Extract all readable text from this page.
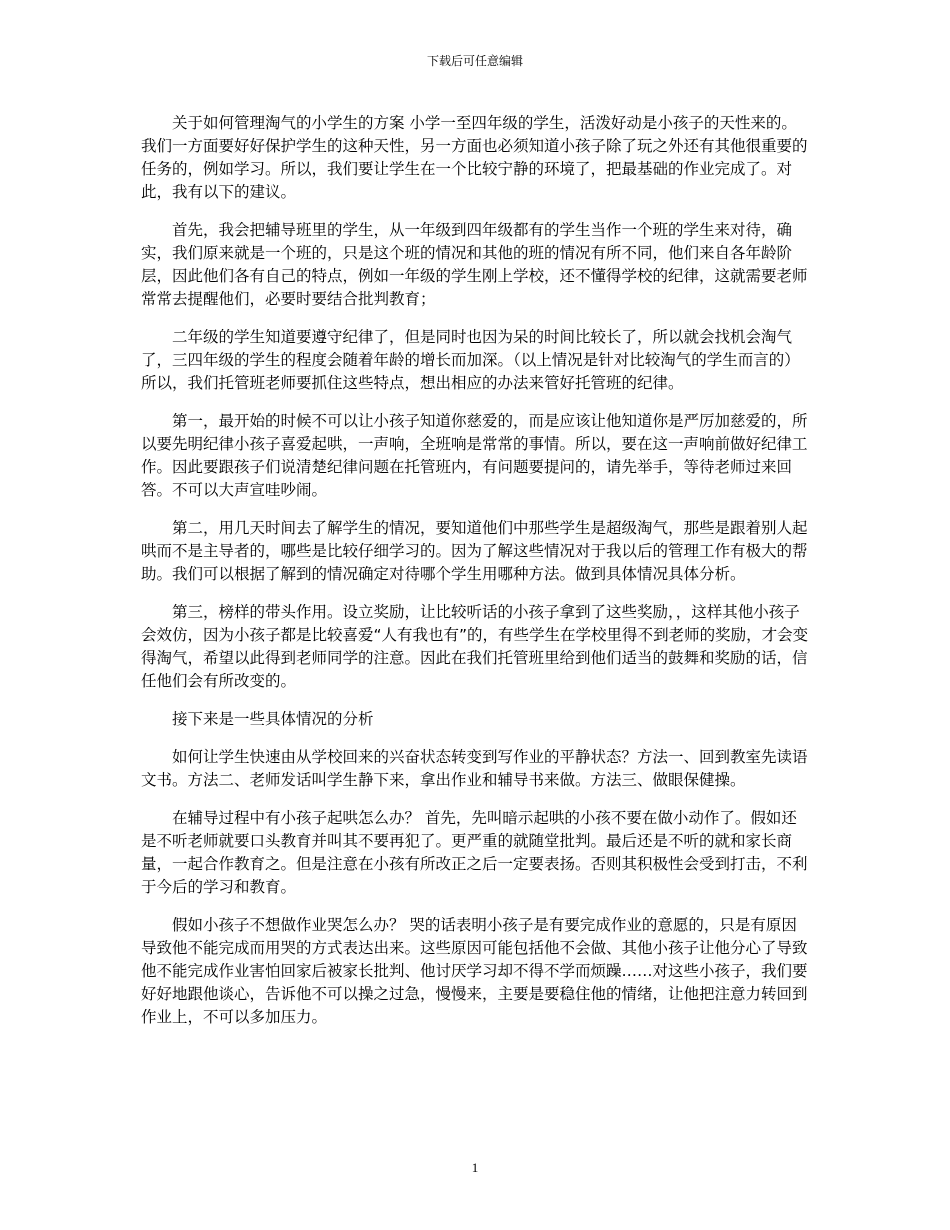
下载后可任意编辑

关于如何管理淘气的小学生的方案 小学一至四年级的学生，活泼好动是小孩子的天性来的。我们一方面要好好保护学生的这种天性，另一方面也必须知道小孩子除了玩之外还有其他很重要的任务的，例如学习。所以，我们要让学生在一个比较宁静的环境了，把最基础的作业完成了。对此，我有以下的建议。

首先，我会把辅导班里的学生，从一年级到四年级都有的学生当作一个班的学生来对待，确实，我们原来就是一个班的，只是这个班的情况和其他的班的情况有所不同，他们来自各年龄阶层，因此他们各有自己的特点，例如一年级的学生刚上学校，还不懂得学校的纪律，这就需要老师常常去提醒他们，必要时要结合批判教育；

二年级的学生知道要遵守纪律了，但是同时也因为呆的时间比较长了，所以就会找机会淘气了，三四年级的学生的程度会随着年龄的增长而加深。（以上情况是针对比较淘气的学生而言的）所以，我们托管班老师要抓住这些特点，想出相应的办法来管好托管班的纪律。

第一，最开始的时候不可以让小孩子知道你慈爱的，而是应该让他知道你是严厉加慈爱的，所以要先明纪律小孩子喜爱起哄，一声响，全班响是常常的事情。所以，要在这一声响前做好纪律工作。因此要跟孩子们说清楚纪律问题在托管班内，有问题要提问的，请先举手，等待老师过来回答。不可以大声宣哇吵闹。

第二，用几天时间去了解学生的情况，要知道他们中那些学生是超级淘气，那些是跟着别人起哄而不是主导者的，哪些是比较仔细学习的。因为了解这些情况对于我以后的管理工作有极大的帮助。我们可以根据了解到的情况确定对待哪个学生用哪种方法。做到具体情况具体分析。

第三，榜样的带头作用。设立奖励，让比较听话的小孩子拿到了这些奖励，，这样其他小孩子会效仿，因为小孩子都是比较喜爱“人有我也有”的，有些学生在学校里得不到老师的奖励，才会变得淘气，希望以此得到老师同学的注意。因此在我们托管班里给到他们适当的鼓舞和奖励的话，信任他们会有所改变的。

接下来是一些具体情况的分析

如何让学生快速由从学校回来的兴奋状态转变到写作业的平静状态？方法一、回到教室先读语文书。方法二、老师发话叫学生静下来，拿出作业和辅导书来做。方法三、做眼保健操。

在辅导过程中有小孩子起哄怎么办？ 首先，先叫暗示起哄的小孩不要在做小动作了。假如还是不听老师就要口头教育并叫其不要再犯了。更严重的就随堂批判。最后还是不听的就和家长商量，一起合作教育之。但是注意在小孩有所改正之后一定要表扬。否则其积极性会受到打击，不利于今后的学习和教育。

假如小孩子不想做作业哭怎么办？ 哭的话表明小孩子是有要完成作业的意愿的，只是有原因导致他不能完成而用哭的方式表达出来。这些原因可能包括他不会做、其他小孩子让他分心了导致他不能完成作业害怕回家后被家长批判、他讨厌学习却不得不学而烦躁……对这些小孩子，我们要好好地跟他谈心，告诉他不可以操之过急，慢慢来，主要是要稳住他的情绪，让他把注意力转回到作业上，不可以多加压力。

1
